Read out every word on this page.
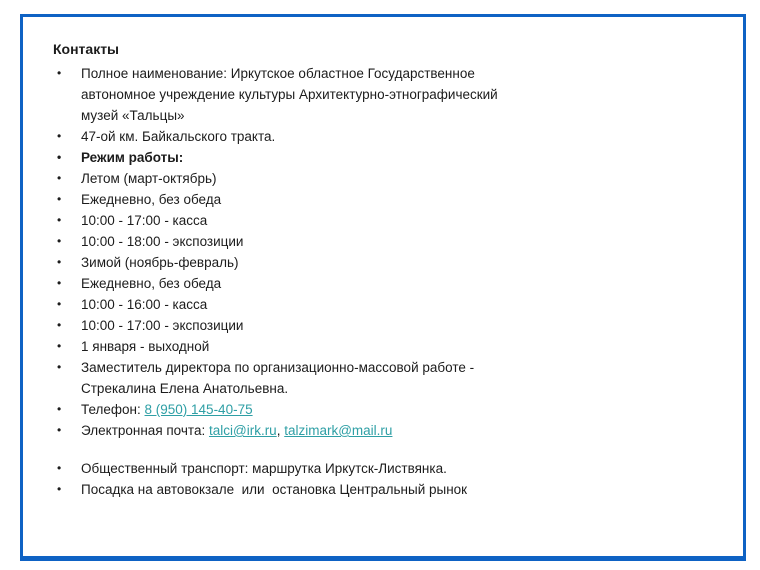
Контакты
•	Полное наименование: Иркутское областное Государственное
автономное учреждение культуры Архитектурно-этнографический
музей «Тальцы»
•	47-ой км. Байкальского тракта.
•	Режим работы:
•	Летом (март-октябрь)
•	Ежедневно, без обеда
•	10:00 - 17:00 - касса
•	10:00 - 18:00 - экспозиции
•	Зимой (ноябрь-февраль)
•	Ежедневно, без обеда
•	10:00 - 16:00 - касса
•	10:00 - 17:00 - экспозиции
•	1 января - выходной
•	Заместитель директора по организационно-массовой работе -
Стрекалина Елена Анатольевна.
•	Телефон: 8 (950) 145-40-75
•	Электронная почта: talci@irk.ru, talzimark@mail.ru
•	Общественный транспорт: маршрутка Иркутск-Листвянка.
•	Посадка на автовокзале  или  остановка Центральный рынок
